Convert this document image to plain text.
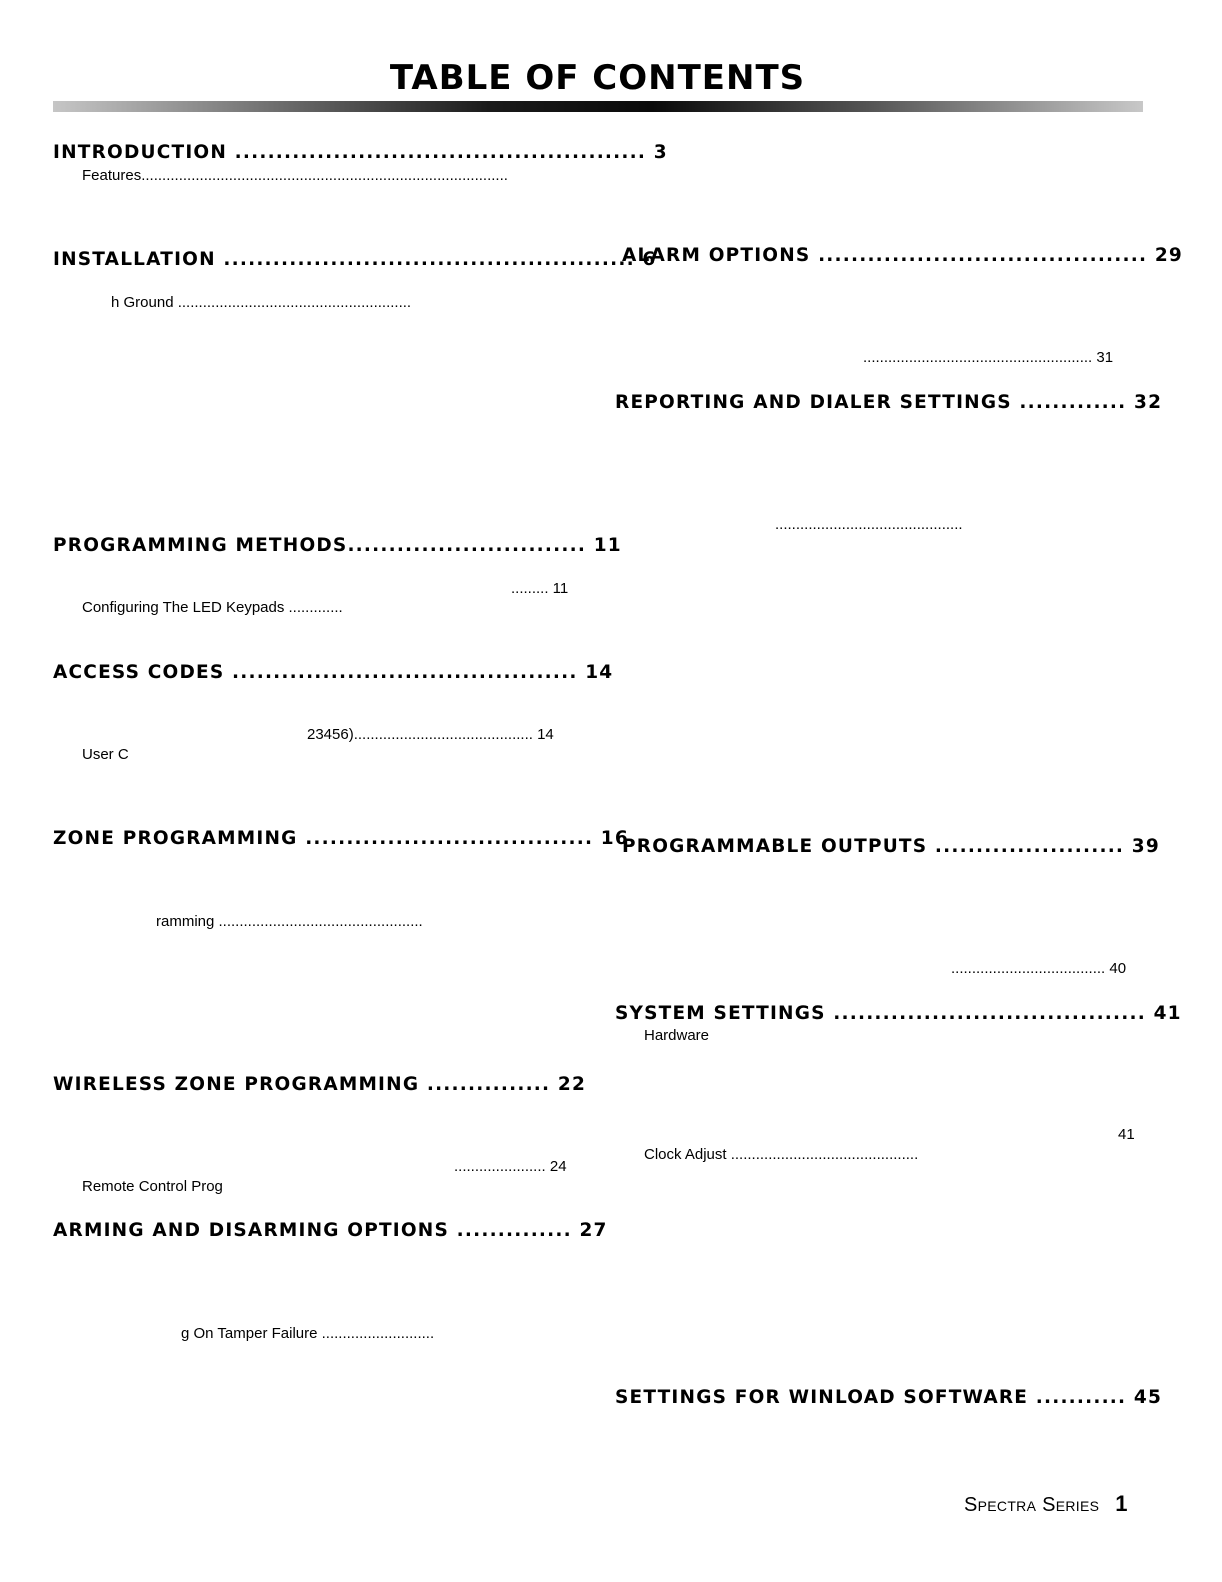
TABLE OF CONTENTS
INTRODUCTION .................................................. 3
Features........................................................................................
INSTALLATION .................................................. 6
h Ground ........................................................
PROGRAMMING METHODS............................. 11
......... 11
Configuring The LED Keypads .............
ACCESS CODES .......................................... 14
23456)........................................... 14
User C
ZONE PROGRAMMING ................................... 16
ramming .................................................
WIRELESS ZONE PROGRAMMING ............... 22
...................... 24
Remote Control Prog
ARMING AND DISARMING OPTIONS .............. 27
g On Tamper Failure ...........................
ALARM OPTIONS ........................................ 29
....................................................... 31
REPORTING AND DIALER SETTINGS ............. 32
.............................................
PROGRAMMABLE OUTPUTS ....................... 39
..................................... 40
SYSTEM SETTINGS ...................................... 41
Hardware
41
Clock Adjust .............................................
SETTINGS FOR WINLOAD SOFTWARE ........... 45
Spectra Series 1
